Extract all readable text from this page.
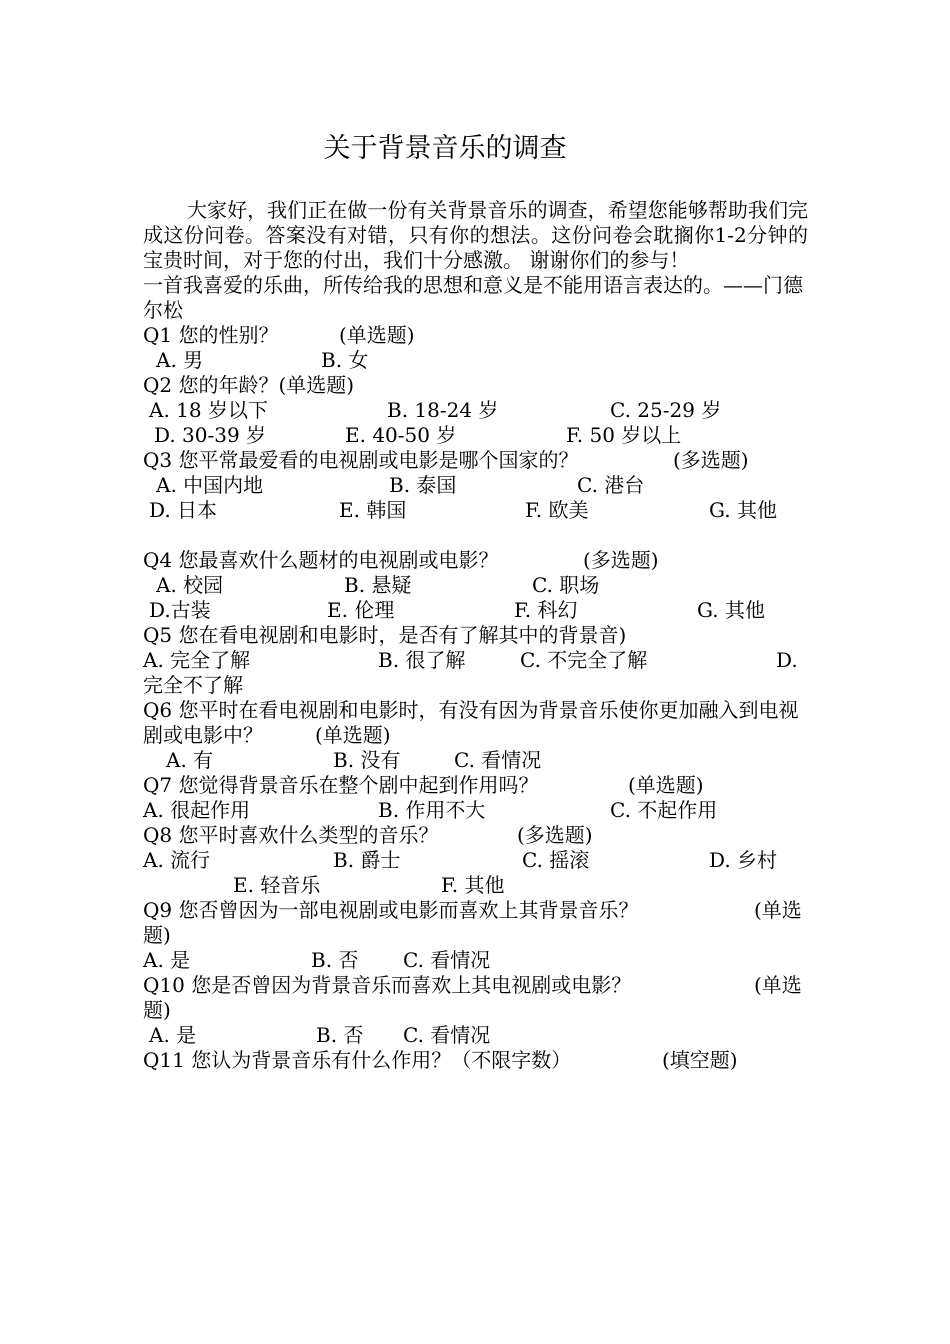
关于背景音乐的调查
大家好，我们正在做一份有关背景音乐的调查，希望您能够帮助我们完成这份问卷。答案没有对错，只有你的想法。这份问卷会耽搁你1-2分钟的宝贵时间，对于您的付出，我们十分感激。 谢谢你们的参与！
一首我喜爱的乐曲，所传给我的思想和意义是不能用语言表达的。——门德尔松
Q1 您的性别？	(单选题)
A. 男	B. 女
Q2 您的年龄？(单选题)
A. 18 岁以下	B. 18-24 岁	C. 25-29 岁
D. 30-39 岁	E. 40-50 岁	F. 50 岁以上
Q3 您平常最爱看的电视剧或电影是哪个国家的？	(多选题)
A. 中国内地	B. 泰国	C. 港台
D. 日本	E. 韩国	F. 欧美	G. 其他
Q4 您最喜欢什么题材的电视剧或电影？	(多选题)
A. 校园	B. 悬疑	C. 职场
D.古装	E. 伦理	F. 科幻	G. 其他
Q5 您在看电视剧和电影时，是否有了解其中的背景音)
A. 完全了解	B. 很了解	C. 不完全了解	D.
完全不了解
Q6 您平时在看电视剧和电影时，有没有因为背景音乐使你更加融入到电视剧或电影中？	(单选题)
A. 有	B. 没有	C. 看情况
Q7 您觉得背景音乐在整个剧中起到作用吗？	(单选题)
A. 很起作用	B. 作用不大	C. 不起作用
Q8 您平时喜欢什么类型的音乐？	(多选题)
A. 流行	B. 爵士	C. 摇滚	D. 乡村
E. 轻音乐	F. 其他
Q9 您否曾因为一部电视剧或电影而喜欢上其背景音乐？	(单选
题)
A. 是	B. 否 C. 看情况
Q10 您是否曾因为背景音乐而喜欢上其电视剧或电影？	(单选
题)
A. 是	B. 否 C. 看情况
Q11 您认为背景音乐有什么作用？（不限字数）	(填空题)
